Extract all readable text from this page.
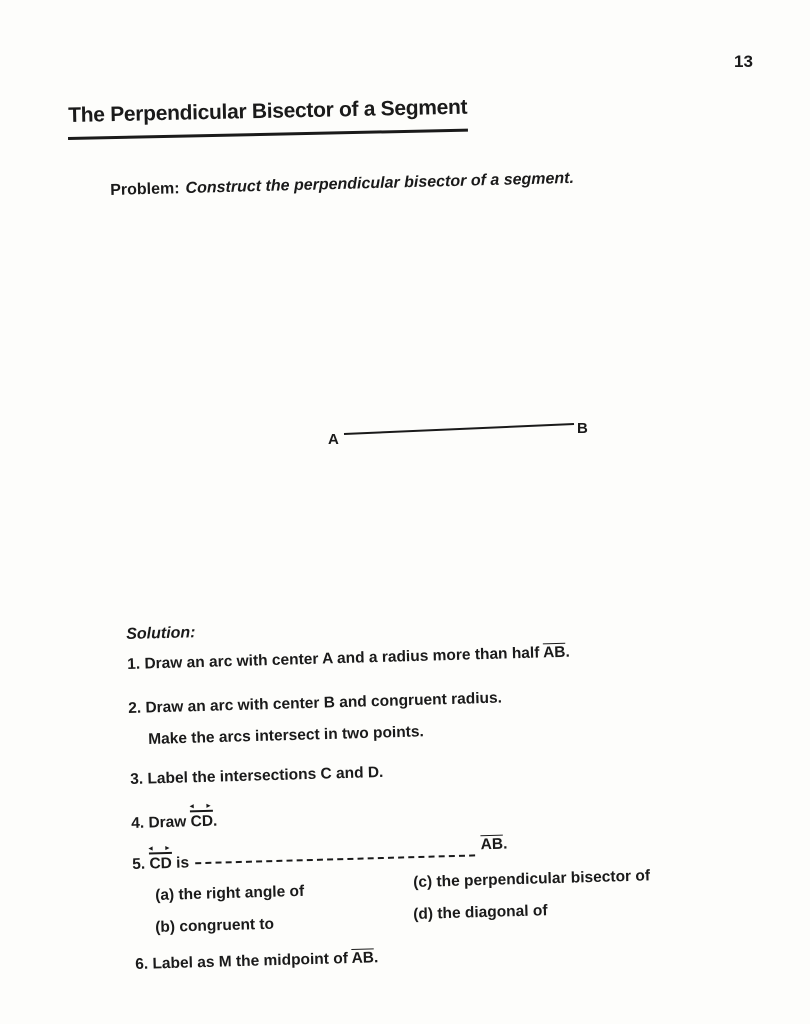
13
The Perpendicular Bisector of a Segment
Problem: Construct the perpendicular bisector of a segment.
A
B
Solution:
1. Draw an arc with center A and a radius more than half $\overline{AB}$.
2. Draw an arc with center B and congruent radius.
Make the arcs intersect in two points.
3. Label the intersections C and D.
4. Draw CD ◄ ►.
5. CD ◄ ► $is\overline{AB}$.
(a) the right angle of
(b) congruent to
(c) the perpendicular bisector of
(d) the diagonal of
6. Label as M the midpoint of $\overline{AB}$.
